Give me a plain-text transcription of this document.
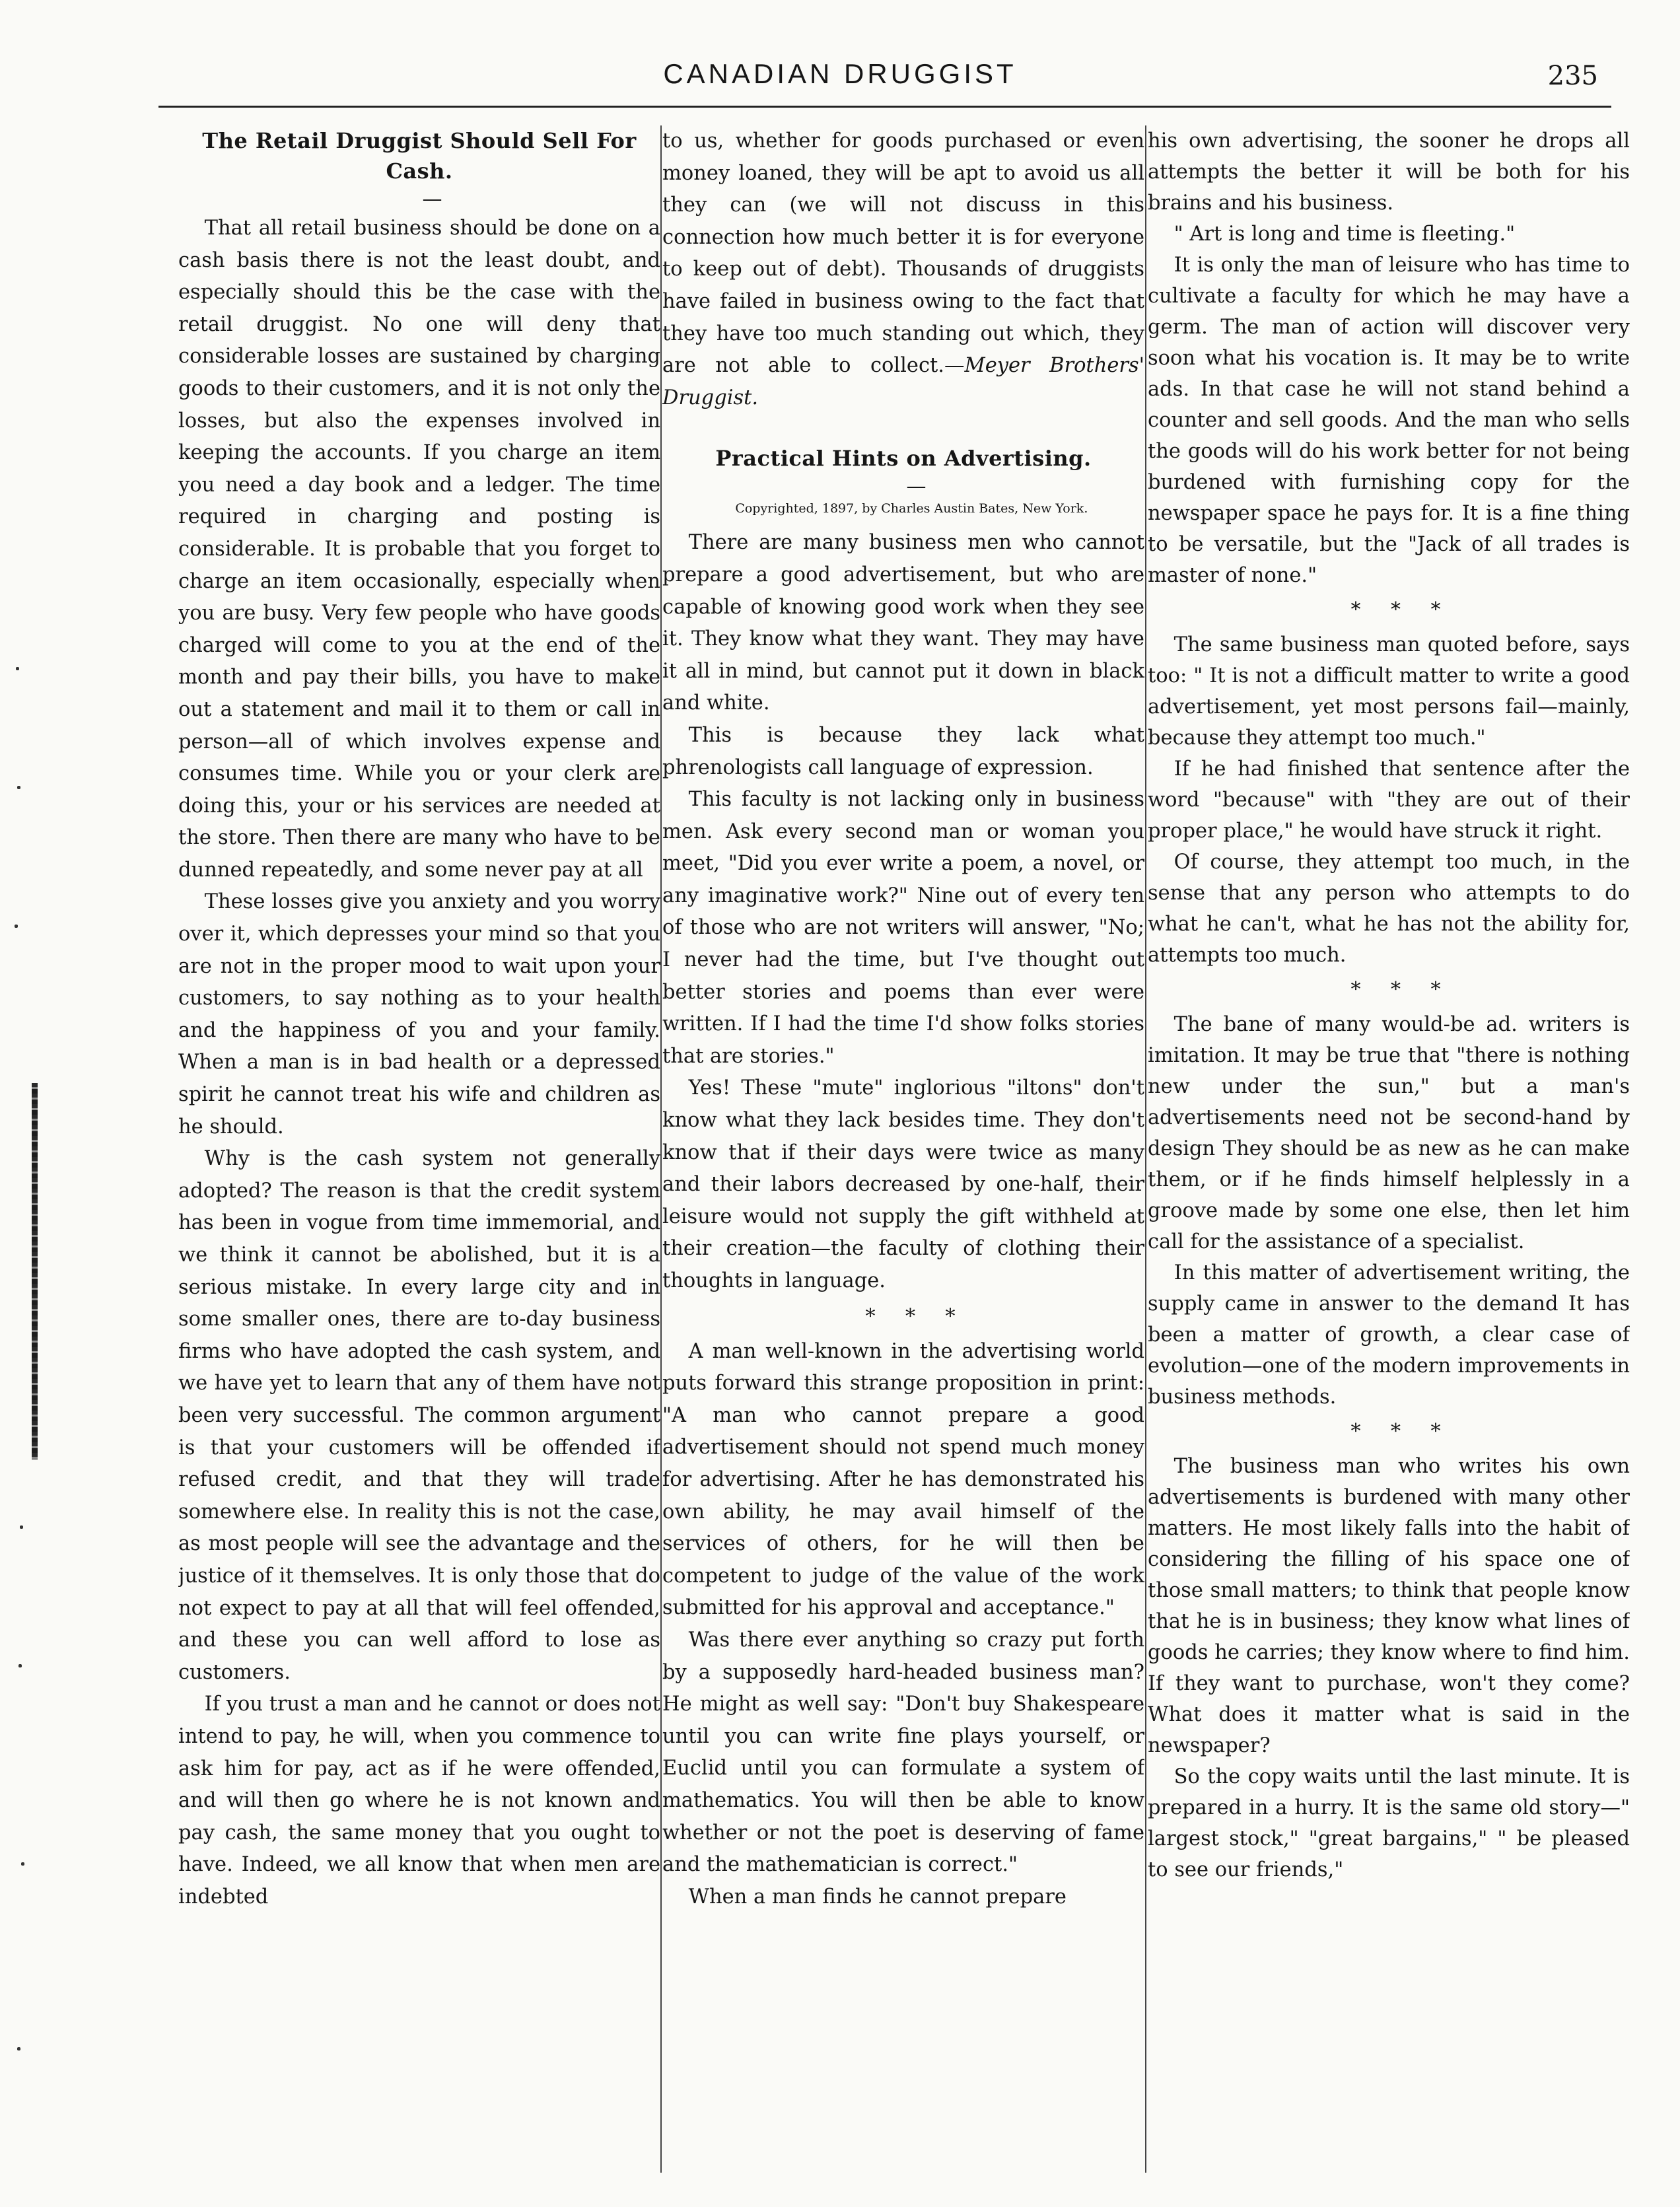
CANADIAN DRUGGIST	235
The Retail Druggist Should Sell For Cash.

—

That all retail business should be done on a cash basis there is not the least doubt, and especially should this be the case with the retail druggist. No one will deny that considerable losses are sustained by charging goods to their customers, and it is not only the losses, but also the expenses involved in keeping the accounts. If you charge an item you need a day book and a ledger. The time required in charging and posting is considerable. It is probable that you forget to charge an item occasionally, especially when you are busy. Very few people who have goods charged will come to you at the end of the month and pay their bills, you have to make out a statement and mail it to them or call in person—all of which involves expense and consumes time. While you or your clerk are doing this, your or his services are needed at the store. Then there are many who have to be dunned repeatedly, and some never pay at all

These losses give you anxiety and you worry over it, which depresses your mind so that you are not in the proper mood to wait upon your customers, to say nothing as to your health and the happiness of you and your family. When a man is in bad health or a depressed spirit he cannot treat his wife and children as he should.

Why is the cash system not generally adopted? The reason is that the credit system has been in vogue from time immemorial, and we think it cannot be abolished, but it is a serious mistake. In every large city and in some smaller ones, there are to-day business firms who have adopted the cash system, and we have yet to learn that any of them have not been very successful. The common argument is that your customers will be offended if refused credit, and that they will trade somewhere else. In reality this is not the case, as most people will see the advantage and the justice of it themselves. It is only those that do not expect to pay at all that will feel offended, and these you can well afford to lose as customers.

If you trust a man and he cannot or does not intend to pay, he will, when you commence to ask him for pay, act as if he were offended, and will then go where he is not known and pay cash, the same money that you ought to have. Indeed, we all know that when men are indebted

to us, whether for goods purchased or even money loaned, they will be apt to avoid us all they can (we will not discuss in this connection how much better it is for everyone to keep out of debt). Thousands of druggists have failed in business owing to the fact that they have too much standing out which, they are not able to collect.—Meyer Brothers' Druggist.

Practical Hints on Advertising.

—

Copyrighted, 1897, by Charles Austin Bates, New York.

There are many business men who cannot prepare a good advertisement, but who are capable of knowing good work when they see it. They know what they want. They may have it all in mind, but cannot put it down in black and white.

This is because they lack what phrenologists call language of expression.

This faculty is not lacking only in business men. Ask every second man or woman you meet, "Did you ever write a poem, a novel, or any imaginative work?" Nine out of every ten of those who are not writers will answer, "No; I never had the time, but I've thought out better stories and poems than ever were written. If I had the time I'd show folks stories that are stories."

Yes! These "mute" inglorious "iltons" don't know what they lack besides time. They don't know that if their days were twice as many and their labors decreased by one-half, their leisure would not supply the gift withheld at their creation—the faculty of clothing their thoughts in language.

* * *

A man well-known in the advertising world puts forward this strange proposition in print: "A man who cannot prepare a good advertisement should not spend much money for advertising. After he has demonstrated his own ability, he may avail himself of the services of others, for he will then be competent to judge of the value of the work submitted for his approval and acceptance."

Was there ever anything so crazy put forth by a supposedly hard-headed business man? He might as well say: "Don't buy Shakespeare until you can write fine plays yourself, or Euclid until you can formulate a system of mathematics. You will then be able to know whether or not the poet is deserving of fame and the mathematician is correct."

When a man finds he cannot prepare

his own advertising, the sooner he drops all attempts the better it will be both for his brains and his business.

" Art is long and time is fleeting."

It is only the man of leisure who has time to cultivate a faculty for which he may have a germ. The man of action will discover very soon what his vocation is. It may be to write ads. In that case he will not stand behind a counter and sell goods. And the man who sells the goods will do his work better for not being burdened with furnishing copy for the newspaper space he pays for. It is a fine thing to be versatile, but the "Jack of all trades is master of none."

* * *

The same business man quoted before, says too: " It is not a difficult matter to write a good advertisement, yet most persons fail—mainly, because they attempt too much."

If he had finished that sentence after the word "because" with "they are out of their proper place," he would have struck it right.

Of course, they attempt too much, in the sense that any person who attempts to do what he can't, what he has not the ability for, attempts too much.

* * *

The bane of many would-be ad. writers is imitation. It may be true that "there is nothing new under the sun," but a man's advertisements need not be second-hand by design They should be as new as he can make them, or if he finds himself helplessly in a groove made by some one else, then let him call for the assistance of a specialist.

In this matter of advertisement writing, the supply came in answer to the demand It has been a matter of growth, a clear case of evolution—one of the modern improvements in business methods.

* * *

The business man who writes his own advertisements is burdened with many other matters. He most likely falls into the habit of considering the filling of his space one of those small matters; to think that people know that he is in business; they know what lines of goods he carries; they know where to find him. If they want to purchase, won't they come? What does it matter what is said in the newspaper?

So the copy waits until the last minute. It is prepared in a hurry. It is the same old story—" largest stock," "great bargains," " be pleased to see our friends,"
